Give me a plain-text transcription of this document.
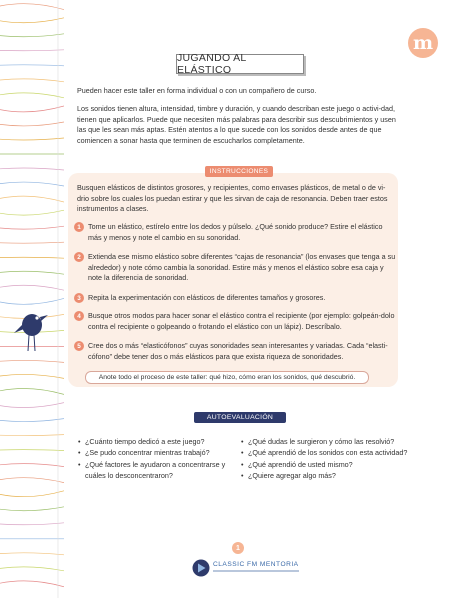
m
JUGANDO AL ELÁSTICO

Pueden hacer este taller en forma individual o con un compañero de curso.

Los sonidos tienen altura, intensidad, timbre y duración, y cuando describan este juego o activi-dad, tienen que aplicarlos. Puede que necesiten más palabras para describir sus descubrimientos y usen las que les sean más aptas. Estén atentos a lo que sucede con los sonidos desde antes de que comiencen a sonar hasta que terminen de escucharlos completamente.

INSTRUCCIONES

Busquen elásticos de distintos grosores, y recipientes, como envases plásticos, de metal o de vi-drio sobre los cuales los puedan estirar y que les sirvan de caja de resonancia. Deben traer estos instrumentos a clases.

1	Tome un elástico, estírelo entre los dedos y púlselo. ¿Qué sonido produce? Estire el elástico más y menos y note el cambio en su sonoridad.
2	Extienda ese mismo elástico sobre diferentes “cajas de resonancia” (los envases que tenga a su alrededor) y note cómo cambia la sonoridad. Estire más y menos el elástico sobre esa caja y note la diferencia de sonoridad.
3	Repita la experimentación con elásticos de diferentes tamaños y grosores.
4	Busque otros modos para hacer sonar el elástico contra el recipiente (por ejemplo: golpeán-dolo contra el recipiente o golpeando o frotando el elástico con un lápiz). Descríbalo.
5	Cree dos o más “elasticófonos” cuyas sonoridades sean interesantes y variadas. Cada “elasti-cófono” debe tener dos o más elásticos para que exista riqueza de sonoridades.
Anote todo el proceso de este taller: qué hizo, cómo eran los sonidos, qué descubrió.
AUTOEVALUACIÓN
• ¿Cuánto tiempo dedicó a este juego?
• ¿Se pudo concentrar mientras trabajó?
• ¿Qué factores le ayudaron a concentrarse y cuáles lo desconcentraron?
• ¿Qué dudas le surgieron y cómo las resolvió?
• ¿Qué aprendió de los sonidos con esta actividad?
• ¿Qué aprendió de usted mismo?
• ¿Quiere agregar algo más?
1
CLASSIC FM MENTORIA
